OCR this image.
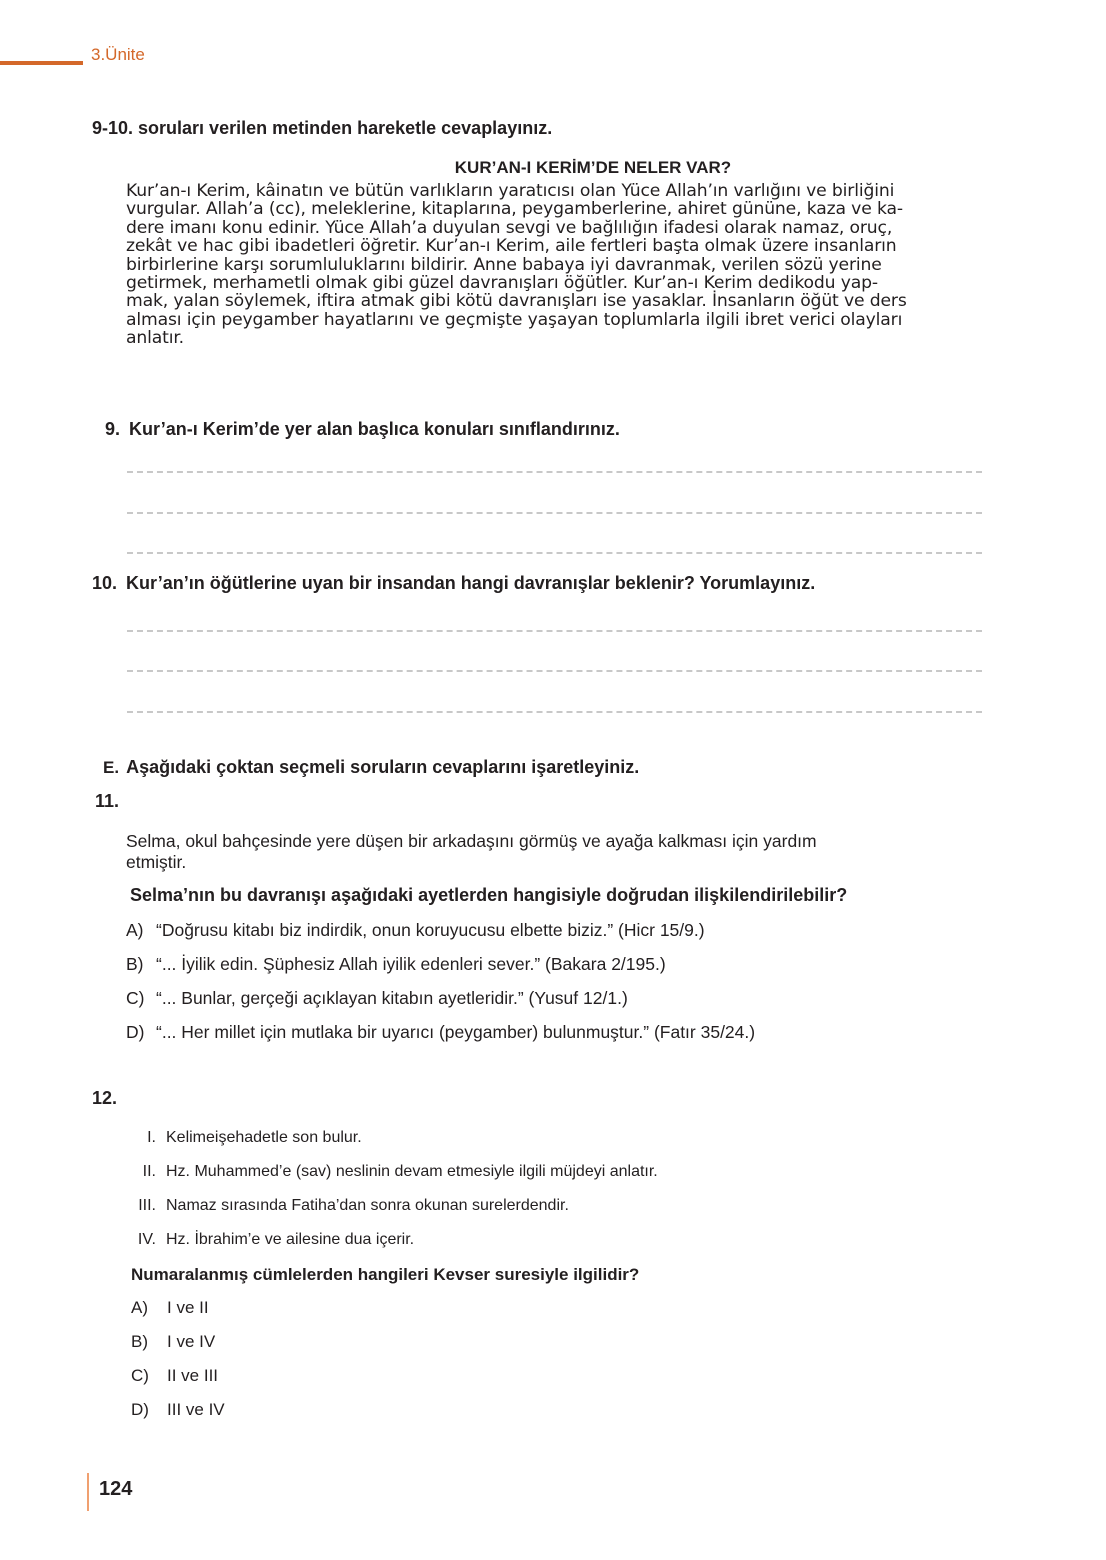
3.Ünite
9-10. soruları verilen metinden hareketle cevaplayınız.
KUR’AN-I KERİM’DE NELER VAR?
Kur’an-ı Kerim, kâinatın ve bütün varlıkların yaratıcısı olan Yüce Allah’ın varlığını ve birliğini
vurgular. Allah’a (cc), meleklerine, kitaplarına, peygamberlerine, ahiret gününe, kaza ve ka-
dere imanı konu edinir. Yüce Allah’a duyulan sevgi ve bağlılığın ifadesi olarak namaz, oruç,
zekât ve hac gibi ibadetleri öğretir. Kur’an-ı Kerim, aile fertleri başta olmak üzere insanların
birbirlerine karşı sorumluluklarını bildirir. Anne babaya iyi davranmak, verilen sözü yerine
getirmek, merhametli olmak gibi güzel davranışları öğütler. Kur’an-ı Kerim dedikodu yap-
mak, yalan söylemek, iftira atmak gibi kötü davranışları ise yasaklar. İnsanların öğüt ve ders
alması için peygamber hayatlarını ve geçmişte yaşayan toplumlarla ilgili ibret verici olayları
anlatır.
9. Kur’an-ı Kerim’de yer alan başlıca konuları sınıflandırınız.
10. Kur’an’ın öğütlerine uyan bir insandan hangi davranışlar beklenir? Yorumlayınız.
E. Aşağıdaki çoktan seçmeli soruların cevaplarını işaretleyiniz.
11.
Selma, okul bahçesinde yere düşen bir arkadaşını görmüş ve ayağa kalkması için yardım
etmiştir.
Selma’nın bu davranışı aşağıdaki ayetlerden hangisiyle doğrudan ilişkilendirilebilir?
A) “Doğrusu kitabı biz indirdik, onun koruyucusu elbette biziz.” (Hicr 15/9.)
B) “... İyilik edin. Şüphesiz Allah iyilik edenleri sever.” (Bakara 2/195.)
C) “... Bunlar, gerçeği açıklayan kitabın ayetleridir.” (Yusuf 12/1.)
D) “... Her millet için mutlaka bir uyarıcı (peygamber) bulunmuştur.” (Fatır 35/24.)
12.
I. Kelimeişehadetle son bulur.
II. Hz. Muhammed’e (sav) neslinin devam etmesiyle ilgili müjdeyi anlatır.
III. Namaz sırasında Fatiha’dan sonra okunan surelerdendir.
IV. Hz. İbrahim’e ve ailesine dua içerir.
Numaralanmış cümlelerden hangileri Kevser suresiyle ilgilidir?
A) I ve II
B) I ve IV
C) II ve III
D) III ve IV
124
